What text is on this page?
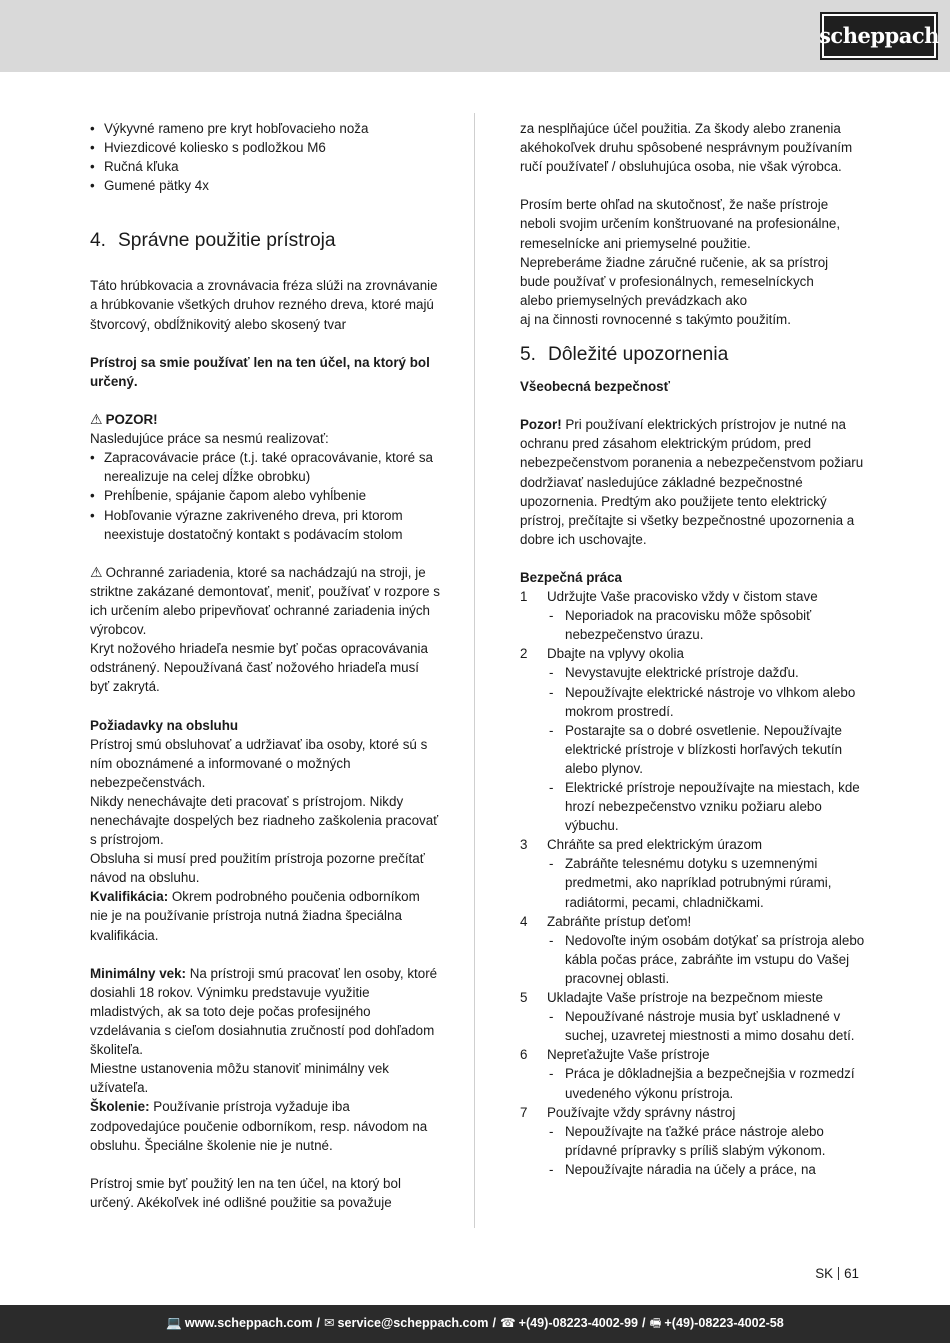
scheppach
• Výkyvné rameno pre kryt hobľovacieho noža
• Hviezdicové koliesko s podložkou M6
• Ručná kľuka
• Gumené pätky 4x
4. Správne použitie prístroja

Táto hrúbkovacia a zrovnávacia fréza slúži na zrovnávanie a hrúbkovanie všetkých druhov rezného dreva, ktoré majú štvorcový, obdĺžnikovitý alebo skosený tvar

Prístroj sa smie používať len na ten účel, na ktorý bol určený.

⚠ POZOR!

Nasledujúce práce sa nesmú realizovať:

• Zapracovávacie práce (t.j. také opracovávanie, ktoré sa nerealizuje na celej dĺžke obrobku)
• Prehĺbenie, spájanie čapom alebo vyhĺbenie
• Hobľovanie výrazne zakriveného dreva, pri ktorom neexistuje dostatočný kontakt s podávacím stolom

⚠ Ochranné zariadenia, ktoré sa nachádzajú na stroji, je striktne zakázané demontovať, meniť, používať v rozpore s ich určením alebo pripevňovať ochranné zariadenia iných výrobcov.

Kryt nožového hriadeľa nesmie byť počas opracovávania odstránený. Nepoužívaná časť nožového hriadeľa musí byť zakrytá.

Požiadavky na obsluhu

Prístroj smú obsluhovať a udržiavať iba osoby, ktoré sú s ním oboznámené a informované o možných nebezpečenstvách.

Nikdy nenechávajte deti pracovať s prístrojom. Nikdy nenechávajte dospelých bez riadneho zaškolenia pracovať s prístrojom.

Obsluha si musí pred použitím prístroja pozorne prečítať návod na obsluhu.

Kvalifikácia: Okrem podrobného poučenia odborníkom nie je na používanie prístroja nutná žiadna špeciálna kvalifikácia.

Minimálny vek: Na prístroji smú pracovať len osoby, ktoré dosiahli 18 rokov. Výnimku predstavuje využitie mladistvých, ak sa toto deje počas profesijného vzdelávania s cieľom dosiahnutia zručností pod dohľadom školiteľa.

Miestne ustanovenia môžu stanoviť minimálny vek užívateľa.

Školenie: Používanie prístroja vyžaduje iba zodpovedajúce poučenie odborníkom, resp. návodom na obsluhu. Špeciálne školenie nie je nutné.

Prístroj smie byť použitý len na ten účel, na ktorý bol určený. Akékoľvek iné odlišné použitie sa považuje

za nesplňajúce účel použitia. Za škody alebo zranenia akéhokoľvek druhu spôsobené nesprávnym používaním ručí používateľ / obsluhujúca osoba, nie však výrobca.

Prosím berte ohľad na skutočnosť, že naše prístroje

neboli svojim určením konštruované na profesionálne, remeselnícke ani priemyselné použitie.

Nepreberáme žiadne záručné ručenie, ak sa prístroj

bude používať v profesionálnych, remeselníckych

alebo priemyselných prevádzkach ako

aj na činnosti rovnocenné s takýmto použitím.

5. Dôležité upozornenia

Všeobecná bezpečnosť

Pozor! Pri používaní elektrických prístrojov je nutné na ochranu pred zásahom elektrickým prúdom, pred nebezpečenstvom poranenia a nebezpečenstvom požiaru dodržiavať nasledujúce základné bezpečnostné upozornenia. Predtým ako použijete tento elektrický prístroj, prečítajte si všetky bezpečnostné upozornenia a dobre ich uschovajte.

Bezpečná práca

1 Udržujte Vaše pracovisko vždy v čistom stave
- Neporiadok na pracovisku môže spôsobiť nebezpečenstvo úrazu.
2 Dbajte na vplyvy okolia
- Nevystavujte elektrické prístroje dažďu.
- Nepoužívajte elektrické nástroje vo vlhkom alebo mokrom prostredí.
- Postarajte sa o dobré osvetlenie. Nepoužívajte elektrické prístroje v blízkosti horľavých tekutín alebo plynov.
- Elektrické prístroje nepoužívajte na miestach, kde hrozí nebezpečenstvo vzniku požiaru alebo výbuchu.
3 Chráňte sa pred elektrickým úrazom
- Zabráňte telesnému dotyku s uzemnenými predmetmi, ako napríklad potrubnými rúrami, radiátormi, pecami, chladničkami.
4 Zabráňte prístup deťom!
- Nedovoľte iným osobám dotýkať sa prístroja alebo kábla počas práce, zabráňte im vstupu do Vašej pracovnej oblasti.
5 Ukladajte Vaše prístroje na bezpečnom mieste
- Nepoužívané nástroje musia byť uskladnené v suchej, uzavretej miestnosti a mimo dosahu detí.
6 Nepreťažujte Vaše prístroje
- Práca je dôkladnejšia a bezpečnejšia v rozmedzí uvedeného výkonu prístroja.
7 Používajte vždy správny nástroj
- Nepoužívajte na ťažké práce nástroje alebo prídavné prípravky s príliš slabým výkonom.
- Nepoužívajte náradia na účely a práce, na
SK 61
💻 www.scheppach.com / ✉ service@scheppach.com / ☎ +(49)-08223-4002-99 / 🖷 +(49)-08223-4002-58
